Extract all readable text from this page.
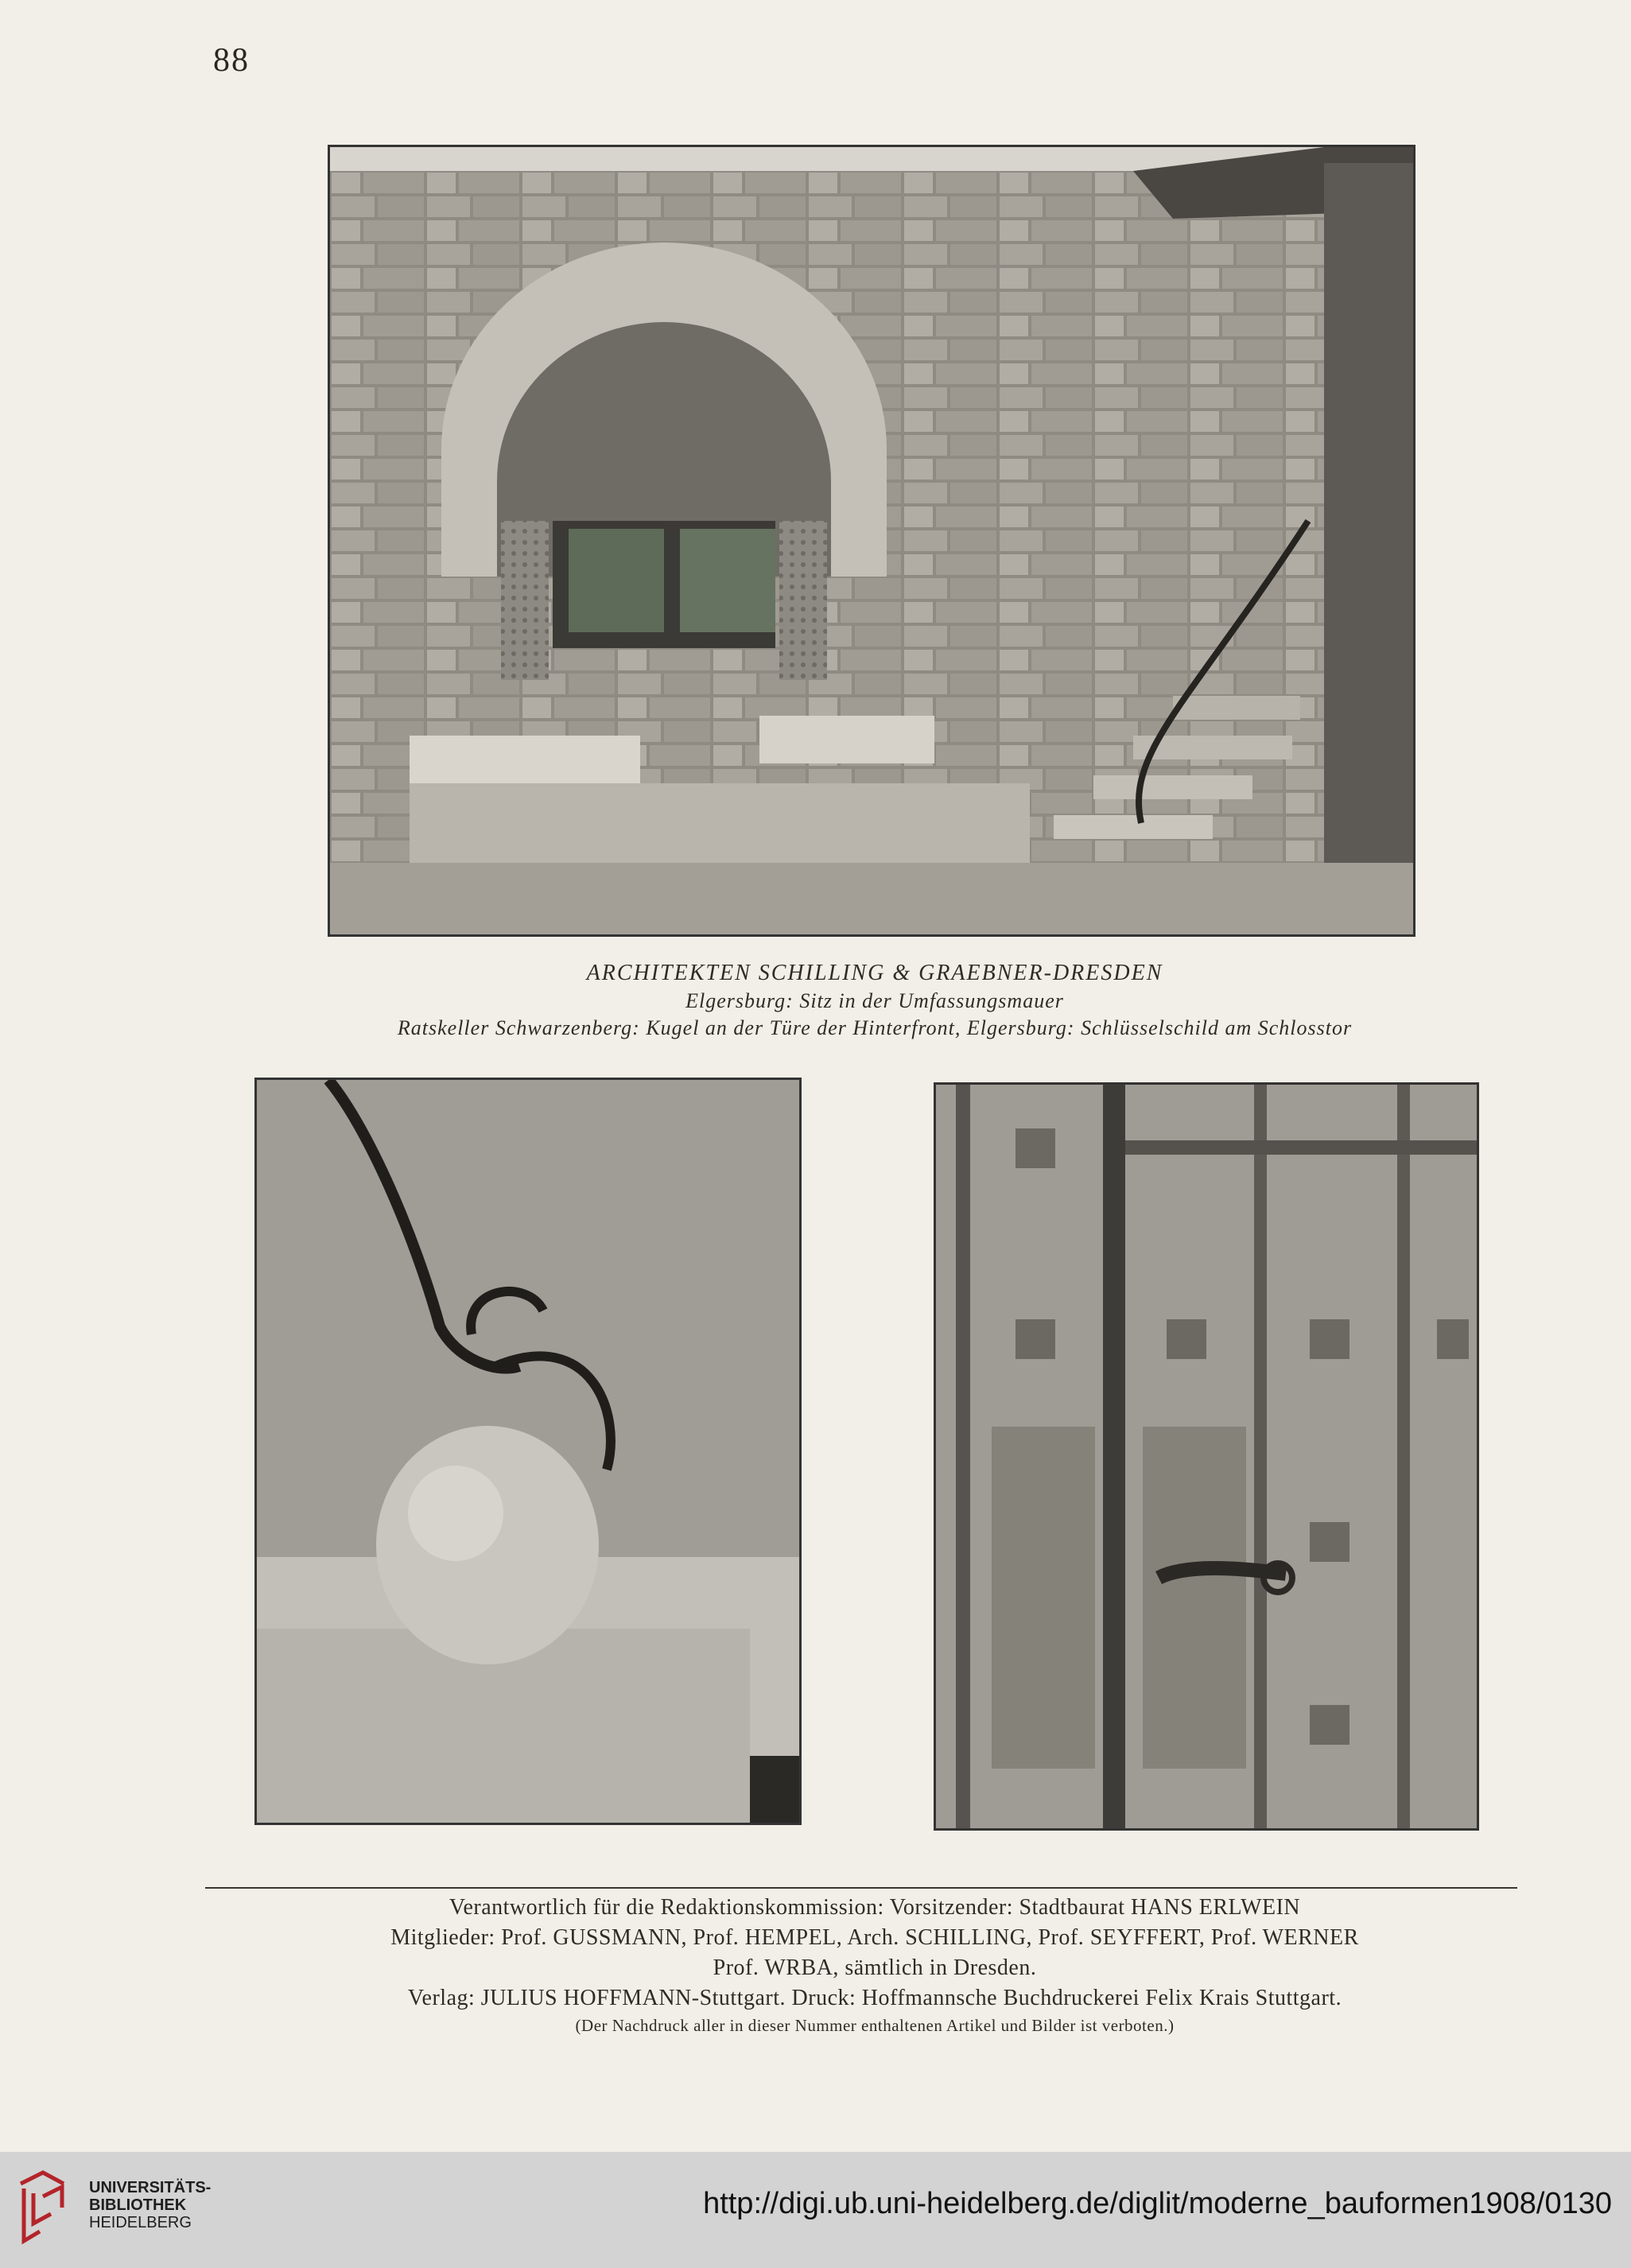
88
ARCHITEKTEN SCHILLING & GRAEBNER-DRESDEN
Elgersburg: Sitz in der Umfassungsmauer
Ratskeller Schwarzenberg: Kugel an der Türe der Hinterfront, Elgersburg: Schlüsselschild am Schlosstor
Verantwortlich für die Redaktionskommission: Vorsitzender: Stadtbaurat HANS ERLWEIN
Mitglieder: Prof. GUSSMANN, Prof. HEMPEL, Arch. SCHILLING, Prof. SEYFFERT, Prof. WERNER
Prof. WRBA, sämtlich in Dresden.
Verlag: JULIUS HOFFMANN-Stuttgart. Druck: Hoffmannsche Buchdruckerei Felix Krais Stuttgart.
(Der Nachdruck aller in dieser Nummer enthaltenen Artikel und Bilder ist verboten.)
UNIVERSITÄTS-
BIBLIOTHEK
HEIDELBERG
http://digi.ub.uni-heidelberg.de/diglit/moderne_bauformen1908/0130
